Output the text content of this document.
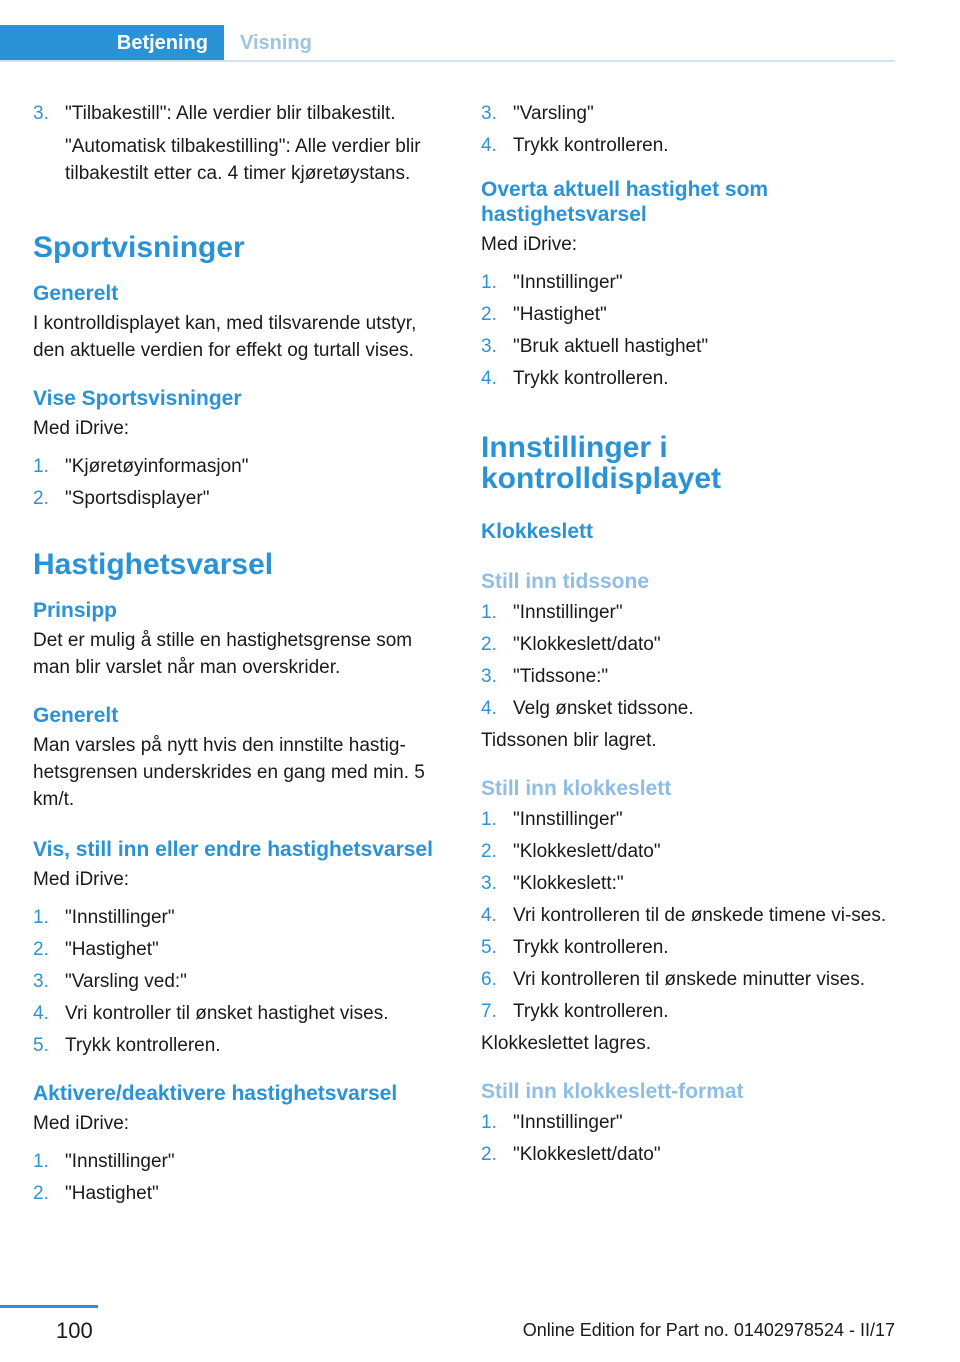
Betjening	Visning
3. "Tilbakestill": Alle verdier blir tilbakestilt.
"Automatisk tilbakestilling": Alle verdier blir tilbakestilt etter ca. 4 timer kjøretøystans.
Sportvisninger
Generelt
I kontrolldisplayet kan, med tilsvarende utstyr, den aktuelle verdien for effekt og turtall vises.
Vise Sportsvisninger
Med iDrive:
1. "Kjøretøyinformasjon"
2. "Sportsdisplayer"
Hastighetsvarsel
Prinsipp
Det er mulig å stille en hastighetsgrense som man blir varslet når man overskrider.
Generelt
Man varsles på nytt hvis den innstilte hastig-hetsgrensen underskrides en gang med min. 5 km/t.
Vis, still inn eller endre hastighetsvarsel
Med iDrive:
1. "Innstillinger"
2. "Hastighet"
3. "Varsling ved:"
4. Vri kontroller til ønsket hastighet vises.
5. Trykk kontrolleren.
Aktivere/deaktivere hastighetsvarsel
Med iDrive:
1. "Innstillinger"
2. "Hastighet"
3. "Varsling"
4. Trykk kontrolleren.
Overta aktuell hastighet som hastighetsvarsel
Med iDrive:
1. "Innstillinger"
2. "Hastighet"
3. "Bruk aktuell hastighet"
4. Trykk kontrolleren.
Innstillinger i kontrolldisplayet
Klokkeslett
Still inn tidssone
1. "Innstillinger"
2. "Klokkeslett/dato"
3. "Tidssone:"
4. Velg ønsket tidssone.
Tidssonen blir lagret.
Still inn klokkeslett
1. "Innstillinger"
2. "Klokkeslett/dato"
3. "Klokkeslett:"
4. Vri kontrolleren til de ønskede timene vi-ses.
5. Trykk kontrolleren.
6. Vri kontrolleren til ønskede minutter vises.
7. Trykk kontrolleren.
Klokkeslettet lagres.
Still inn klokkeslett-format
1. "Innstillinger"
2. "Klokkeslett/dato"
100	Online Edition for Part no. 01402978524 - II/17
